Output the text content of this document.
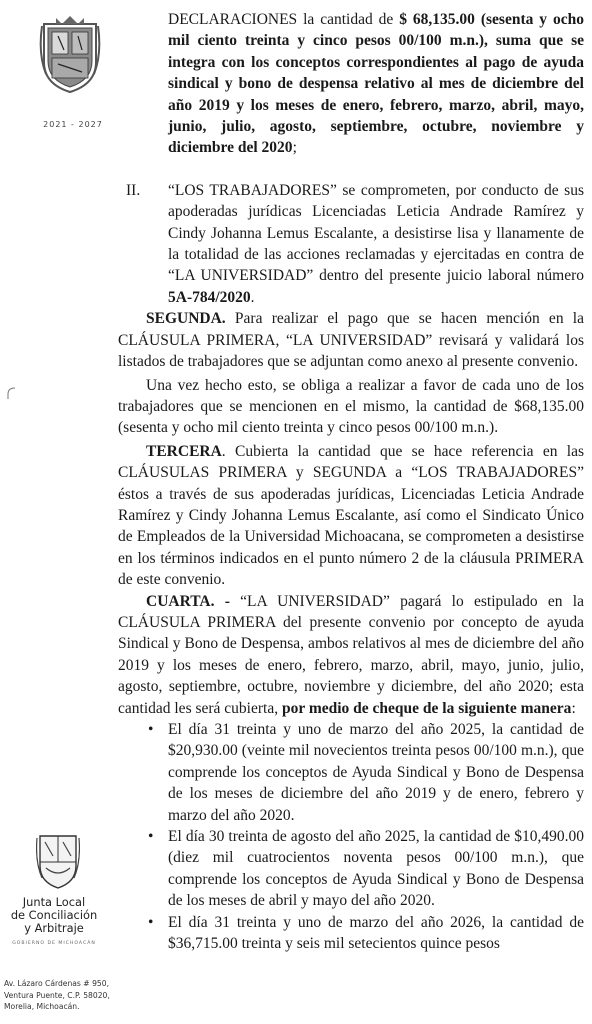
2021 - 2027
Junta Local
de Conciliación
y Arbitraje
GOBIERNO DE MICHOACÁN
Av. Lázaro Cárdenas # 950,
Ventura Puente, C.P. 58020,
Morelia, Michoacán.

DECLARACIONES la cantidad de $ 68,135.00 (sesenta y ocho mil ciento treinta y cinco pesos 00/100 m.n.), suma que se integra con los conceptos correspondientes al pago de ayuda sindical y bono de despensa relativo al mes de diciembre del año 2019 y los meses de enero, febrero, marzo, abril, mayo, junio, julio, agosto, septiembre, octubre, noviembre y diciembre del 2020;

II. “LOS TRABAJADORES” se comprometen, por conducto de sus apoderadas jurídicas Licenciadas Leticia Andrade Ramírez y Cindy Johanna Lemus Escalante, a desistirse lisa y llanamente de la totalidad de las acciones reclamadas y ejercitadas en contra de “LA UNIVERSIDAD” dentro del presente juicio laboral número 5A-784/2020.

SEGUNDA. Para realizar el pago que se hacen mención en la CLÁUSULA PRIMERA, “LA UNIVERSIDAD” revisará y validará los listados de trabajadores que se adjuntan como anexo al presente convenio.

Una vez hecho esto, se obliga a realizar a favor de cada uno de los trabajadores que se mencionen en el mismo, la cantidad de $68,135.00 (sesenta y ocho mil ciento treinta y cinco pesos 00/100 m.n.).

TERCERA. Cubierta la cantidad que se hace referencia en las CLÁUSULAS PRIMERA y SEGUNDA a “LOS TRABAJADORES” éstos a través de sus apoderadas jurídicas, Licenciadas Leticia Andrade Ramírez y Cindy Johanna Lemus Escalante, así como el Sindicato Único de Empleados de la Universidad Michoacana, se comprometen a desistirse en los términos indicados en el punto número 2 de la cláusula PRIMERA de este convenio.

CUARTA. - “LA UNIVERSIDAD” pagará lo estipulado en la CLÁUSULA PRIMERA del presente convenio por concepto de ayuda Sindical y Bono de Despensa, ambos relativos al mes de diciembre del año 2019 y los meses de enero, febrero, marzo, abril, mayo, junio, julio, agosto, septiembre, octubre, noviembre y diciembre, del año 2020; esta cantidad les será cubierta, por medio de cheque de la siguiente manera:

• El día 31 treinta y uno de marzo del año 2025, la cantidad de $20,930.00 (veinte mil novecientos treinta pesos 00/100 m.n.), que comprende los conceptos de Ayuda Sindical y Bono de Despensa de los meses de diciembre del año 2019 y de enero, febrero y marzo del año 2020.
• El día 30 treinta de agosto del año 2025, la cantidad de $10,490.00 (diez mil cuatrocientos noventa pesos 00/100 m.n.), que comprende los conceptos de Ayuda Sindical y Bono de Despensa de los meses de abril y mayo del año 2020.
• El día 31 treinta y uno de marzo del año 2026, la cantidad de $36,715.00 treinta y seis mil setecientos quince pesos
